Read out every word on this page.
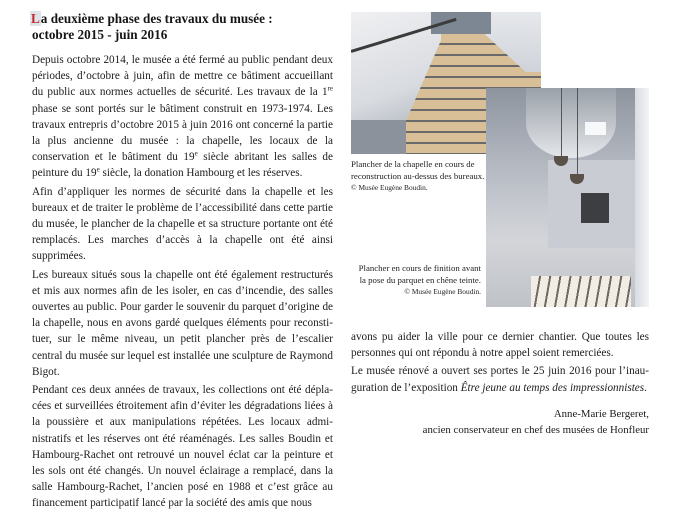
La deuxième phase des travaux du musée :
octobre 2015 - juin 2016

Depuis octobre 2014, le musée a été fermé au public pendant deux périodes, d’octobre à juin, afin de mettre ce bâtiment accueillant du public aux normes actuelles de sécurité. Les travaux de la 1re phase se sont portés sur le bâtiment construit en 1973-1974. Les travaux entrepris d’octobre 2015 à juin 2016 ont concerné la partie la plus ancienne du musée : la chapelle, les locaux de la conservation et le bâtiment du 19e siècle abritant les salles de peinture du 19e siècle, la donation Hambourg et les réserves.

Afin d’appliquer les normes de sécurité dans la chapelle et les bureaux et de traiter le problème de l’accessibilité dans cette partie du musée, le plancher de la chapelle et sa structure portante ont été remplacés. Les marches d’accès à la chapelle ont été ainsi supprimées.

Les bureaux situés sous la chapelle ont été également restructurés et mis aux normes afin de les isoler, en cas d’incendie, des salles ouvertes au public. Pour garder le souvenir du parquet d’origine de la chapelle, nous en avons gardé quelques éléments pour reconstituer, sur le même niveau, un petit plancher près de l’escalier central du musée sur lequel est installée une sculpture de Raymond Bigot.

Pendant ces deux années de travaux, les collections ont été déplacées et surveillées étroitement afin d’éviter les dégradations liées à la poussière et aux manipulations répétées. Les locaux administratifs et les réserves ont été réaménagés. Les salles Boudin et Hambourg-Rachet ont retrouvé un nouvel éclat car la peinture et les sols ont été changés. Un nouvel éclairage a remplacé, dans la salle Hambourg-Rachet, l’ancien posé en 1988 et c’est grâce au financement participatif lancé par la société des amis que nous

Plancher de la chapelle en cours de reconstruction au-dessus des bureaux.
© Musée Eugène Boudin.
Plancher en cours de finition avant la pose du parquet en chêne teinte.
© Musée Eugène Boudin.

avons pu aider la ville pour ce dernier chantier. Que toutes les personnes qui ont répondu à notre appel soient remerciées.

Le musée rénové a ouvert ses portes le 25 juin 2016 pour l’inauguration de l’exposition Être jeune au temps des impressionnistes.

Anne-Marie Bergeret,
ancien conservateur en chef des musées de Honfleur
